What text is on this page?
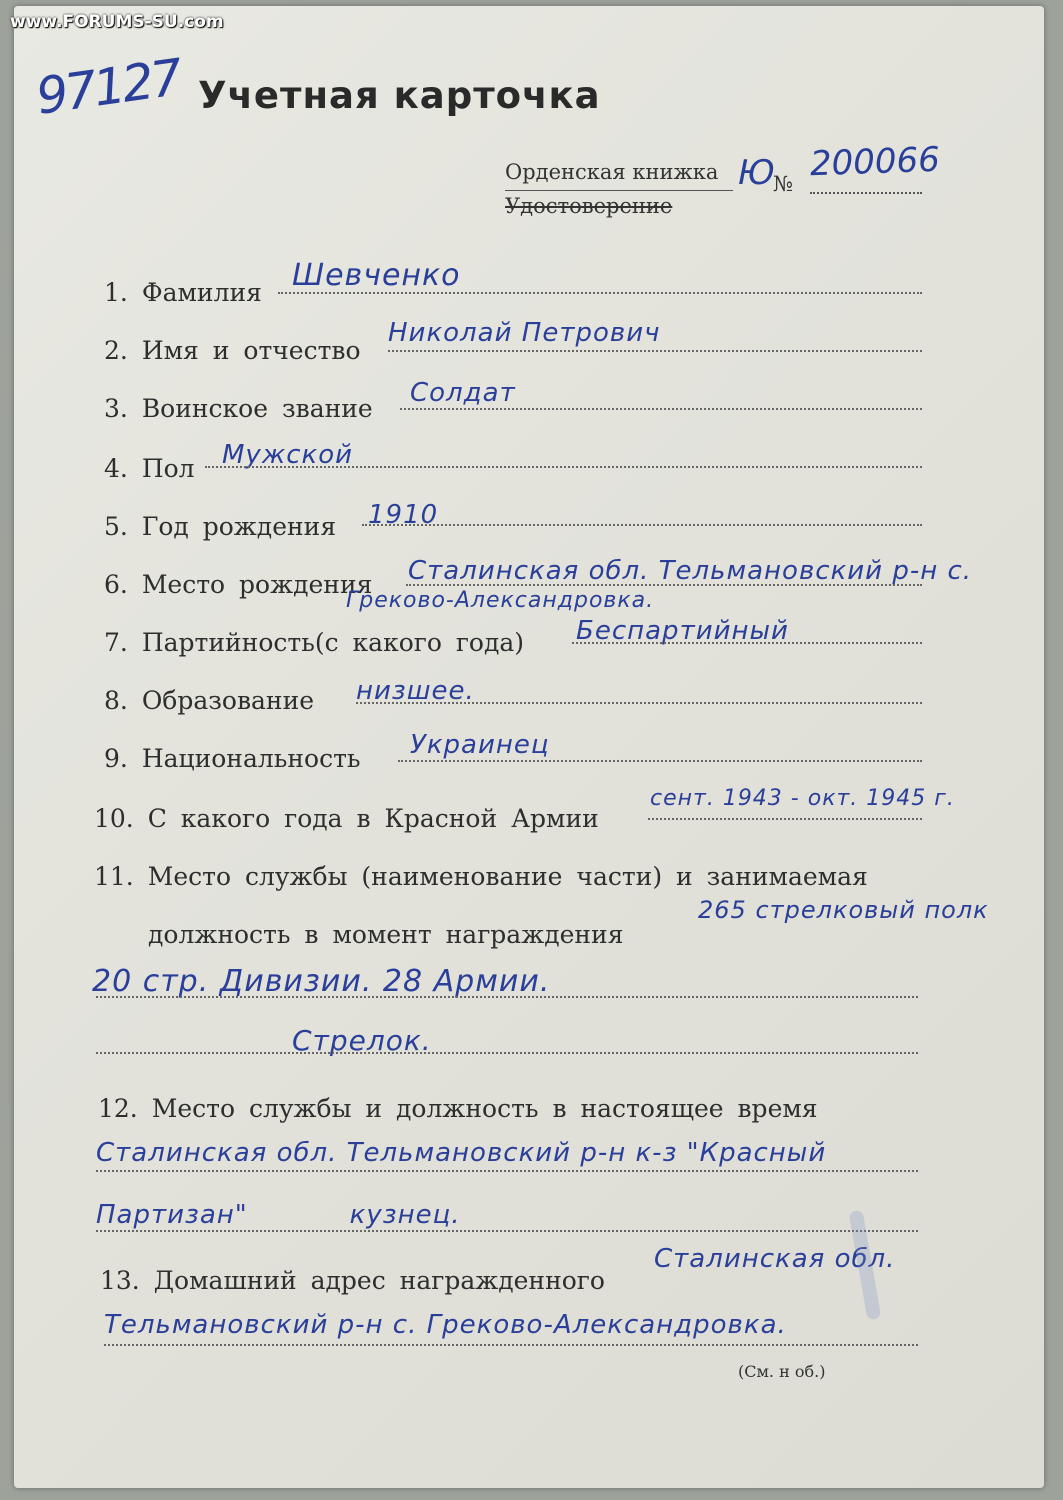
www.FORUMS-SU.com
97127 Учетная карточка
Орденская книжка
Удостоверение
Ю
№ 200066
1. Фамилия Шевченко
2. Имя и отчество
Николай Петрович
3. Воинское звание
Солдат
4. Пол Мужской
5. Год рождения 1910
6. Место рождения Сталинская обл. Тельмановский р-н с.
Греково-Александровка.
7. Партийность(с какого года) Беспартийный
8. Образование низшее.
9. Национальность Украинец
10. С какого года в Красной Армии
сент. 1943 - окт. 1945 г.
11. Место службы (наименование части) и занимаемая
должность в момент награждения
265 стрелковый полк
20 стр. Дивизии. 28 Армии.
Стрелок.
12. Место службы и должность в настоящее время
Сталинская обл. Тельмановский р-н к-з "Красный
Партизан"           кузнец.
13. Домашний адрес награжденного
Сталинская обл.
Тельмановский р-н с. Греково-Александровка.
(См. н об.)
